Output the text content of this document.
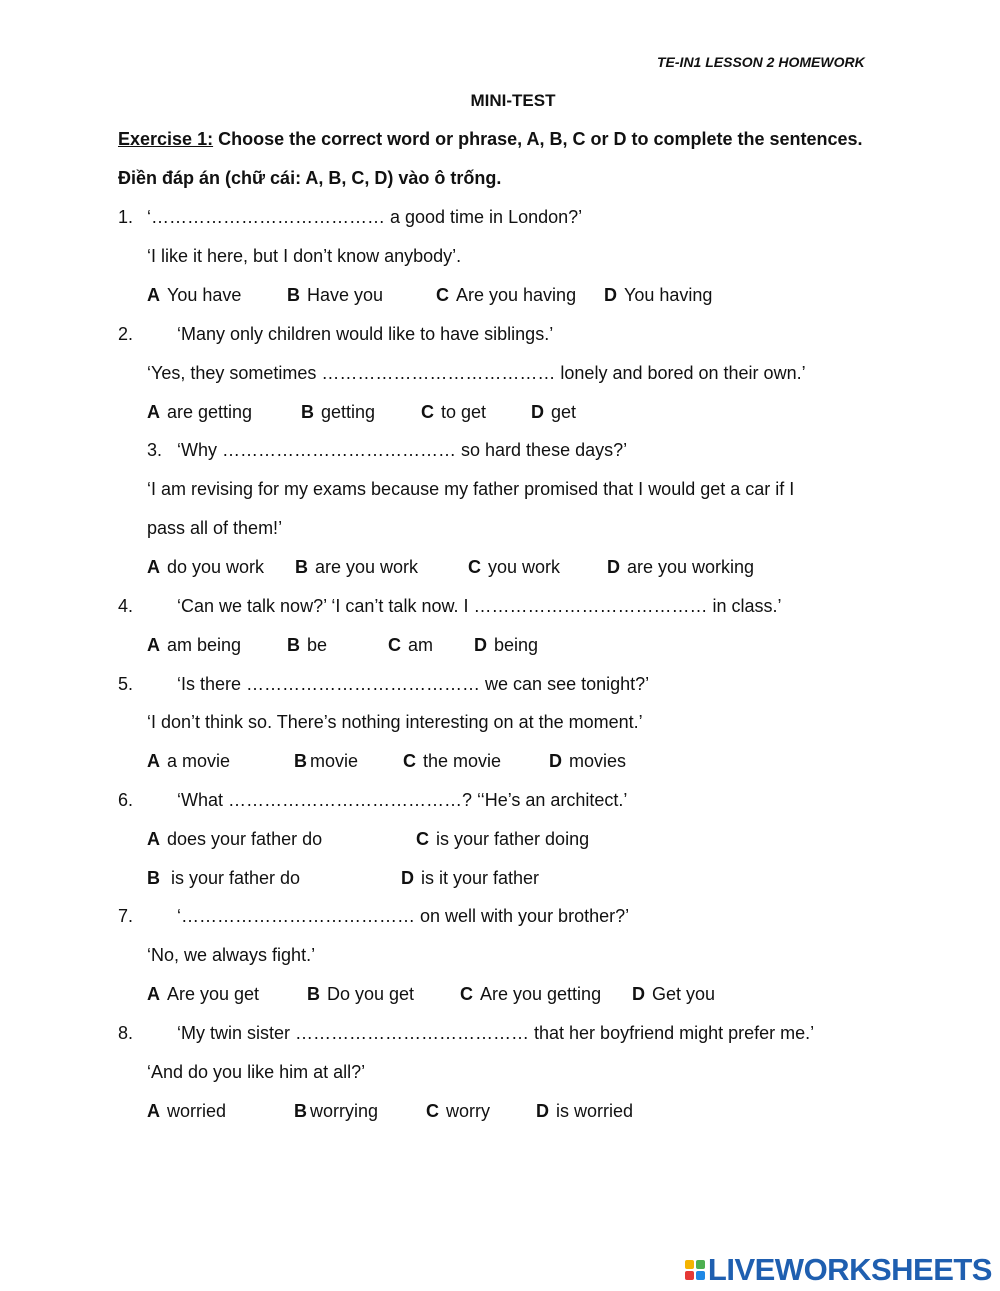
TE-IN1 LESSON 2 HOMEWORK
MINI-TEST
Exercise 1: Choose the correct word or phrase, A, B, C or D to complete the sentences.
Điền đáp án (chữ cái: A, B, C, D) vào ô trống.
1. ‘………………………………… a good time in London?’
‘I like it here, but I don’t know anybody’.
A You have	B Have you	C Are you having D You having
2. ‘Many only children would like to have siblings.’
‘Yes, they sometimes ………………………………… lonely and bored on their own.’
A are getting	B getting	C to get D get
3. ‘Why ………………………………… so hard these days?’
‘I am revising for my exams because my father promised that I would get a car if I
pass all of them!’
A do you work B are you work	C you work	D are you working
4. ‘Can we talk now?’ ‘I can’t talk now. I ………………………………… in class.’
A am being	B be	C am D being
5. ‘Is there ………………………………… we can see tonight?’
‘I don’t think so. There’s nothing interesting on at the moment.’
A a movie	B movie C the movie	D movies
6. ‘What …………………………………? ‘‘He’s an architect.’
A does your father do	C is your father doing
B is your father do	D is it your father
7. ‘………………………………… on well with your brother?’
‘No, we always fight.’
A Are you get	B Do you get	C Are you getting D Get you
8. ‘My twin sister ………………………………… that her boyfriend might prefer me.’
‘And do you like him at all?’
A worried	B worrying	C worry	D is worried
LIVEWORKSHEETS
